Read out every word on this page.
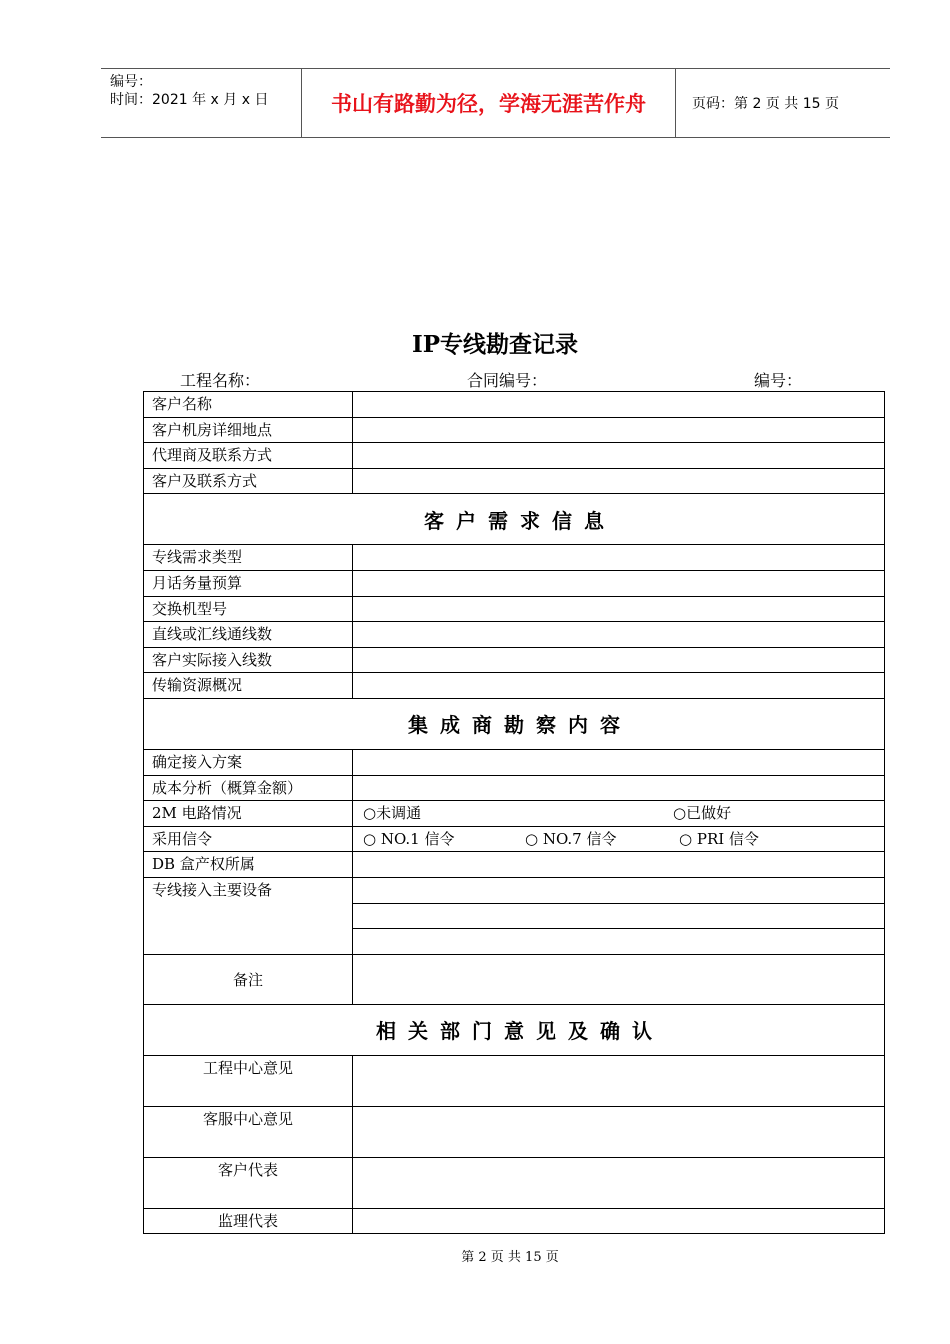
编号：
时间：2021 年 x 月 x 日	书山有路勤为径，学海无涯苦作舟	页码：第 2 页 共 15 页
IP专线勘查记录
工程名称：	合同编号：	编号：
客户名称
客户机房详细地点
代理商及联系方式
客户及联系方式
客户需求信息
专线需求类型
月话务量预算
交换机型号
直线或汇线通线数
客户实际接入线数
传输资源概况
集成商勘察内容
确定接入方案
成本分析（概算金额）
2M 电路情况	○未调通	○已做好
采用信令	○ NO.1 信令	○ NO.7 信令	○ PRI 信令
DB 盒产权所属
专线接入主要设备
备注
相关部门意见及确认
工程中心意见
客服中心意见
客户代表
监理代表
第 2 页 共 15 页
